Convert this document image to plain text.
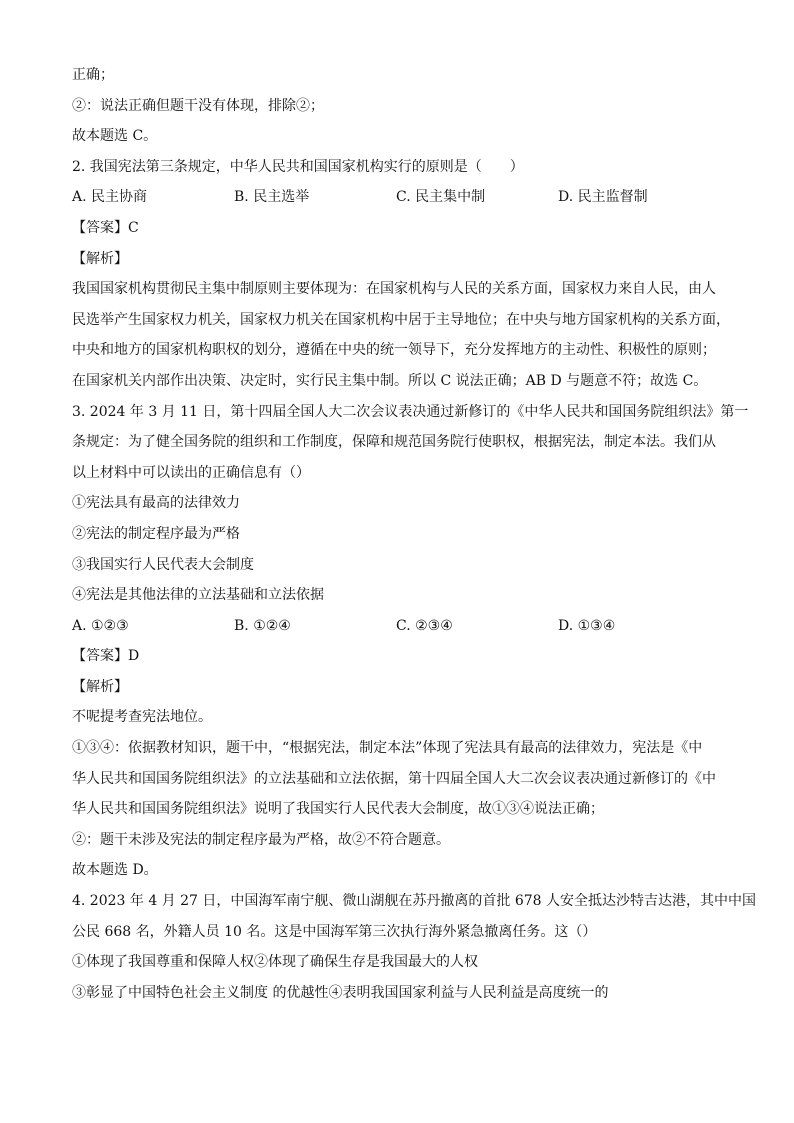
正确；
②：说法正确但题干没有体现，排除②；
故本题选 C。
2. 我国宪法第三条规定，中华人民共和国国家机构实行的原则是（　　）
A. 民主协商	B. 民主选举	C. 民主集中制	D. 民主监督制
【答案】C
【解析】
我国国家机构贯彻民主集中制原则主要体现为：在国家机构与人民的关系方面，国家权力来自人民，由人
民选举产生国家权力机关，国家权力机关在国家机构中居于主导地位；在中央与地方国家机构的关系方面，
中央和地方的国家机构职权的划分，遵循在中央的统一领导下，充分发挥地方的主动性、积极性的原则；
在国家机关内部作出决策、决定时，实行民主集中制。所以 C 说法正确；AB D 与题意不符；故选 C。
3. 2024 年 3 月 11 日，第十四届全国人大二次会议表决通过新修订的《中华人民共和国国务院组织法》第一
条规定：为了健全国务院的组织和工作制度，保障和规范国务院行使职权，根据宪法，制定本法。我们从
以上材料中可以读出的正确信息有（）
①宪法具有最高的法律效力
②宪法的制定程序最为严格
③我国实行人民代表大会制度
④宪法是其他法律的立法基础和立法依据
A. ①②③	B. ①②④	C. ②③④	D. ①③④
【答案】D
【解析】
不呢提考查宪法地位。
①③④：依据教材知识，题干中，“根据宪法，制定本法”体现了宪法具有最高的法律效力，宪法是《中
华人民共和国国务院组织法》的立法基础和立法依据，第十四届全国人大二次会议表决通过新修订的《中
华人民共和国国务院组织法》说明了我国实行人民代表大会制度，故①③④说法正确；
②：题干未涉及宪法的制定程序最为严格，故②不符合题意。
故本题选 D。
4. 2023 年 4 月 27 日，中国海军南宁舰、微山湖舰在苏丹撤离的首批 678 人安全抵达沙特吉达港，其中中国
公民 668 名，外籍人员 10 名。这是中国海军第三次执行海外紧急撤离任务。这（）
①体现了我国尊重和保障人权②体现了确保生存是我国最大的人权
③彰显了中国特色社会主义制度 的优越性④表明我国国家利益与人民利益是高度统一的
